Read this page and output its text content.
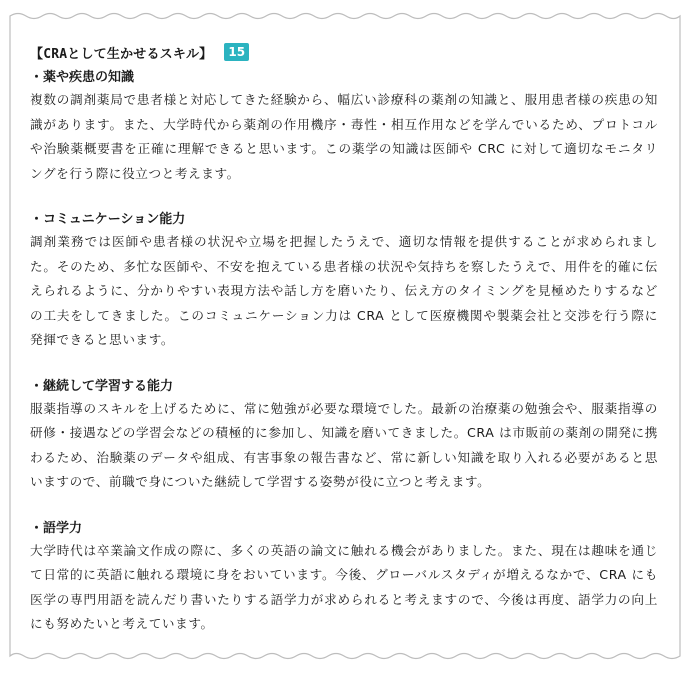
【CRAとして生かせるスキル】	15
・薬や疾患の知識

複数の調剤薬局で患者様と対応してきた経験から、幅広い診療科の薬剤の知識と、服用患者様の疾患の知識があります。また、大学時代から薬剤の作用機序・毒性・相互作用などを学んでいるため、プロトコルや治験薬概要書を正確に理解できると思います。この薬学の知識は医師や CRC に対して適切なモニタリングを行う際に役立つと考えます。

・コミュニケーション能力

調剤業務では医師や患者様の状況や立場を把握したうえで、適切な情報を提供することが求められました。そのため、多忙な医師や、不安を抱えている患者様の状況や気持ちを察したうえで、用件を的確に伝えられるように、分かりやすい表現方法や話し方を磨いたり、伝え方のタイミングを見極めたりするなどの工夫をしてきました。このコミュニケーション力は CRA として医療機関や製薬会社と交渉を行う際に発揮できると思います。

・継続して学習する能力

服薬指導のスキルを上げるために、常に勉強が必要な環境でした。最新の治療薬の勉強会や、服薬指導の研修・接遇などの学習会などの積極的に参加し、知識を磨いてきました。CRA は市販前の薬剤の開発に携わるため、治験薬のデータや組成、有害事象の報告書など、常に新しい知識を取り入れる必要があると思いますので、前職で身についた継続して学習する姿勢が役に立つと考えます。

・語学力

大学時代は卒業論文作成の際に、多くの英語の論文に触れる機会がありました。また、現在は趣味を通じて日常的に英語に触れる環境に身をおいています。今後、グローバルスタディが増えるなかで、CRA にも医学の専門用語を読んだり書いたりする語学力が求められると考えますので、今後は再度、語学力の向上にも努めたいと考えています。
